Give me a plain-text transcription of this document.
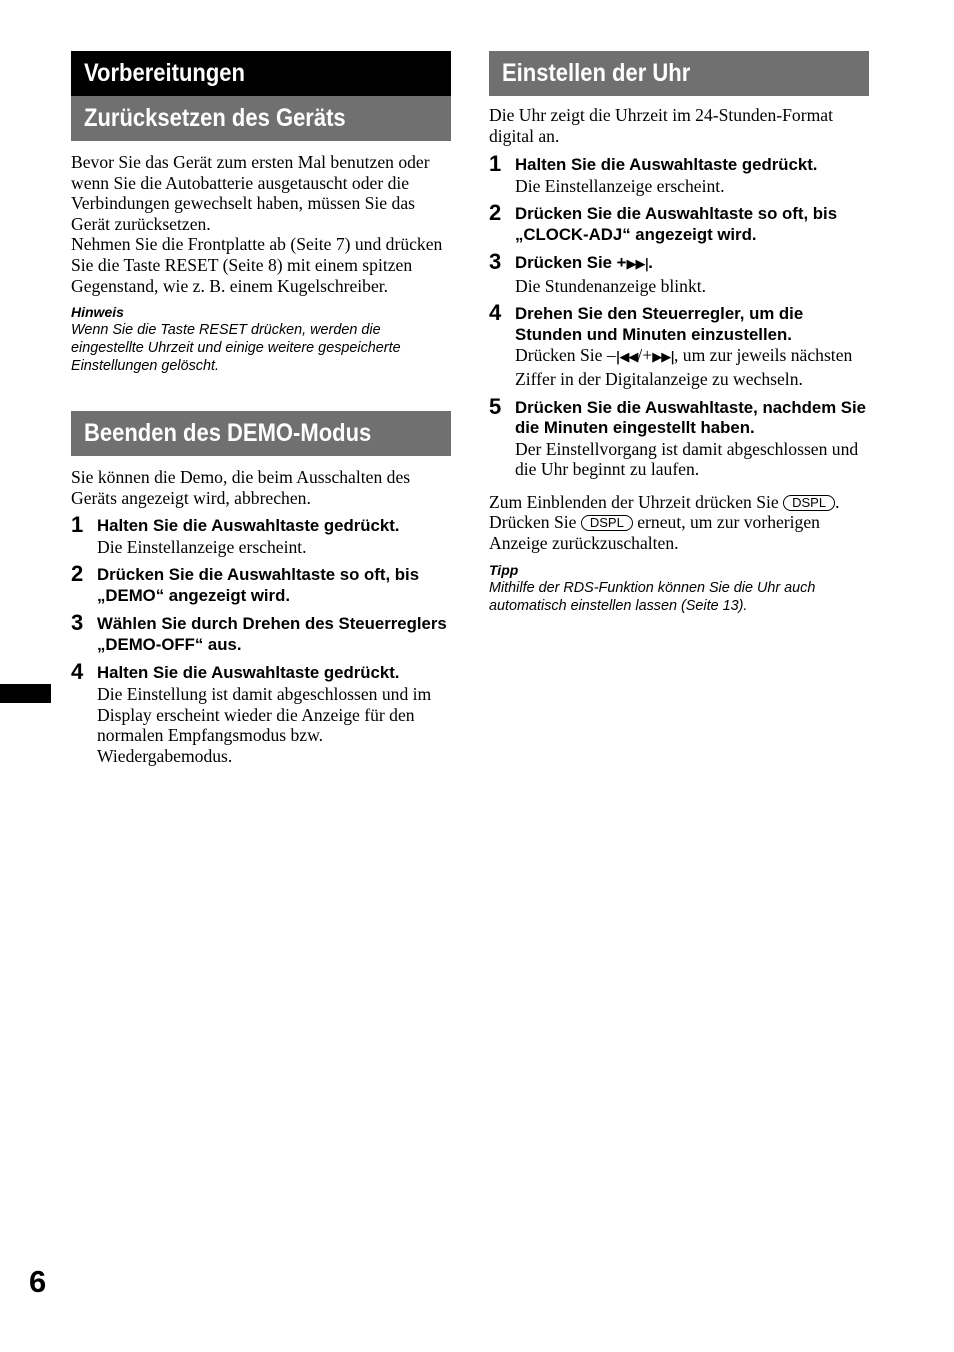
Vorbereitungen
Zurücksetzen des Geräts

Bevor Sie das Gerät zum ersten Mal benutzen oder wenn Sie die Autobatterie ausgetauscht oder die Verbindungen gewechselt haben, müssen Sie das Gerät zurücksetzen.

Nehmen Sie die Frontplatte ab (Seite 7) und drücken Sie die Taste RESET (Seite 8) mit einem spitzen Gegenstand, wie z. B. einem Kugelschreiber.

Hinweis

Wenn Sie die Taste RESET drücken, werden die eingestellte Uhrzeit und einige weitere gespeicherte Einstellungen gelöscht.

Beenden des DEMO-Modus

Sie können die Demo, die beim Ausschalten des Geräts angezeigt wird, abbrechen.

1 Halten Sie die Auswahltaste gedrückt.

Die Einstellanzeige erscheint.

2 Drücken Sie die Auswahltaste so oft, bis „DEMO“ angezeigt wird.

3 Wählen Sie durch Drehen des Steuerreglers „DEMO-OFF“ aus.

4 Halten Sie die Auswahltaste gedrückt.

Die Einstellung ist damit abgeschlossen und im Display erscheint wieder die Anzeige für den normalen Empfangsmodus bzw. Wiedergabemodus.

Einstellen der Uhr

Die Uhr zeigt die Uhrzeit im 24-Stunden-Format digital an.

1 Halten Sie die Auswahltaste gedrückt.

Die Einstellanzeige erscheint.

2 Drücken Sie die Auswahltaste so oft, bis „CLOCK-ADJ“ angezeigt wird.

3 Drücken Sie +▶▶|.

Die Stundenanzeige blinkt.

4 Drehen Sie den Steuerregler, um die Stunden und Minuten einzustellen.

Drücken Sie –|◀◀/+▶▶|, um zur jeweils nächsten Ziffer in der Digitalanzeige zu wechseln.

5 Drücken Sie die Auswahltaste, nachdem Sie die Minuten eingestellt haben.

Der Einstellvorgang ist damit abgeschlossen und die Uhr beginnt zu laufen.

Zum Einblenden der Uhrzeit drücken Sie DSPL . Drücken Sie DSPL erneut, um zur vorherigen Anzeige zurückzuschalten.

Tipp

Mithilfe der RDS-Funktion können Sie die Uhr auch automatisch einstellen lassen (Seite 13).

6
